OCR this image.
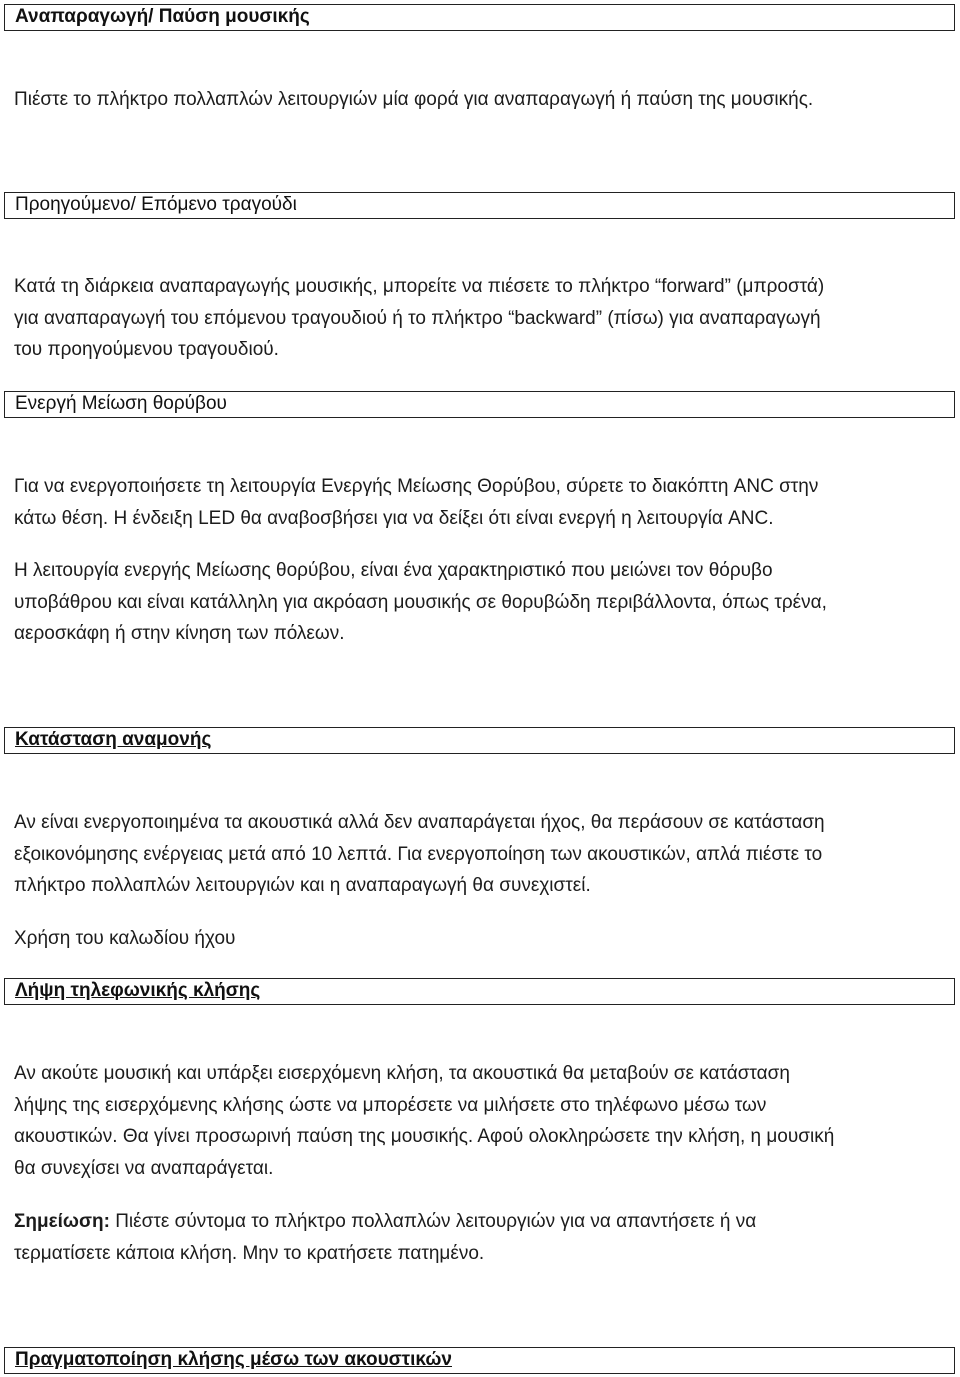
Αναπαραγωγή/ Παύση μουσικής

Πιέστε το πλήκτρο πολλαπλών λειτουργιών μία φορά για αναπαραγωγή ή παύση της μουσικής.

Προηγούμενο/ Επόμενο τραγούδι

Κατά τη διάρκεια αναπαραγωγής μουσικής, μπορείτε να πιέσετε το πλήκτρο “forward” (μπροστά)
για αναπαραγωγή του επόμενου τραγουδιού ή το πλήκτρο “backward” (πίσω) για αναπαραγωγή
του προηγούμενου τραγουδιού.

Ενεργή Μείωση θορύβου

Για να ενεργοποιήσετε τη λειτουργία Ενεργής Μείωσης Θορύβου, σύρετε το διακόπτη ANC στην
κάτω θέση. Η ένδειξη LED θα αναβοσβήσει για να δείξει ότι είναι ενεργή η λειτουργία ANC.

Η λειτουργία ενεργής Μείωσης θορύβου, είναι ένα χαρακτηριστικό που μειώνει τον θόρυβο
υποβάθρου και είναι κατάλληλη για ακρόαση μουσικής σε θορυβώδη περιβάλλοντα, όπως τρένα,
αεροσκάφη ή στην κίνηση των πόλεων.

Κατάσταση αναμονής

Αν είναι ενεργοποιημένα τα ακουστικά αλλά δεν αναπαράγεται ήχος, θα περάσουν σε κατάσταση
εξοικονόμησης ενέργειας μετά από 10 λεπτά. Για ενεργοποίηση των ακουστικών, απλά πιέστε το
πλήκτρο πολλαπλών λειτουργιών και η αναπαραγωγή θα συνεχιστεί.

Χρήση του καλωδίου ήχου

Λήψη τηλεφωνικής κλήσης

Αν ακούτε μουσική και υπάρξει εισερχόμενη κλήση, τα ακουστικά θα μεταβούν σε κατάσταση
λήψης της εισερχόμενης κλήσης ώστε να μπορέσετε να μιλήσετε στο τηλέφωνο μέσω των
ακουστικών. Θα γίνει προσωρινή παύση της μουσικής. Αφού ολοκληρώσετε την κλήση, η μουσική
θα συνεχίσει να αναπαράγεται.

Σημείωση: Πιέστε σύντομα το πλήκτρο πολλαπλών λειτουργιών για να απαντήσετε ή να
τερματίσετε κάποια κλήση. Μην το κρατήσετε πατημένο.

Πραγματοποίηση κλήσης μέσω των ακουστικών
